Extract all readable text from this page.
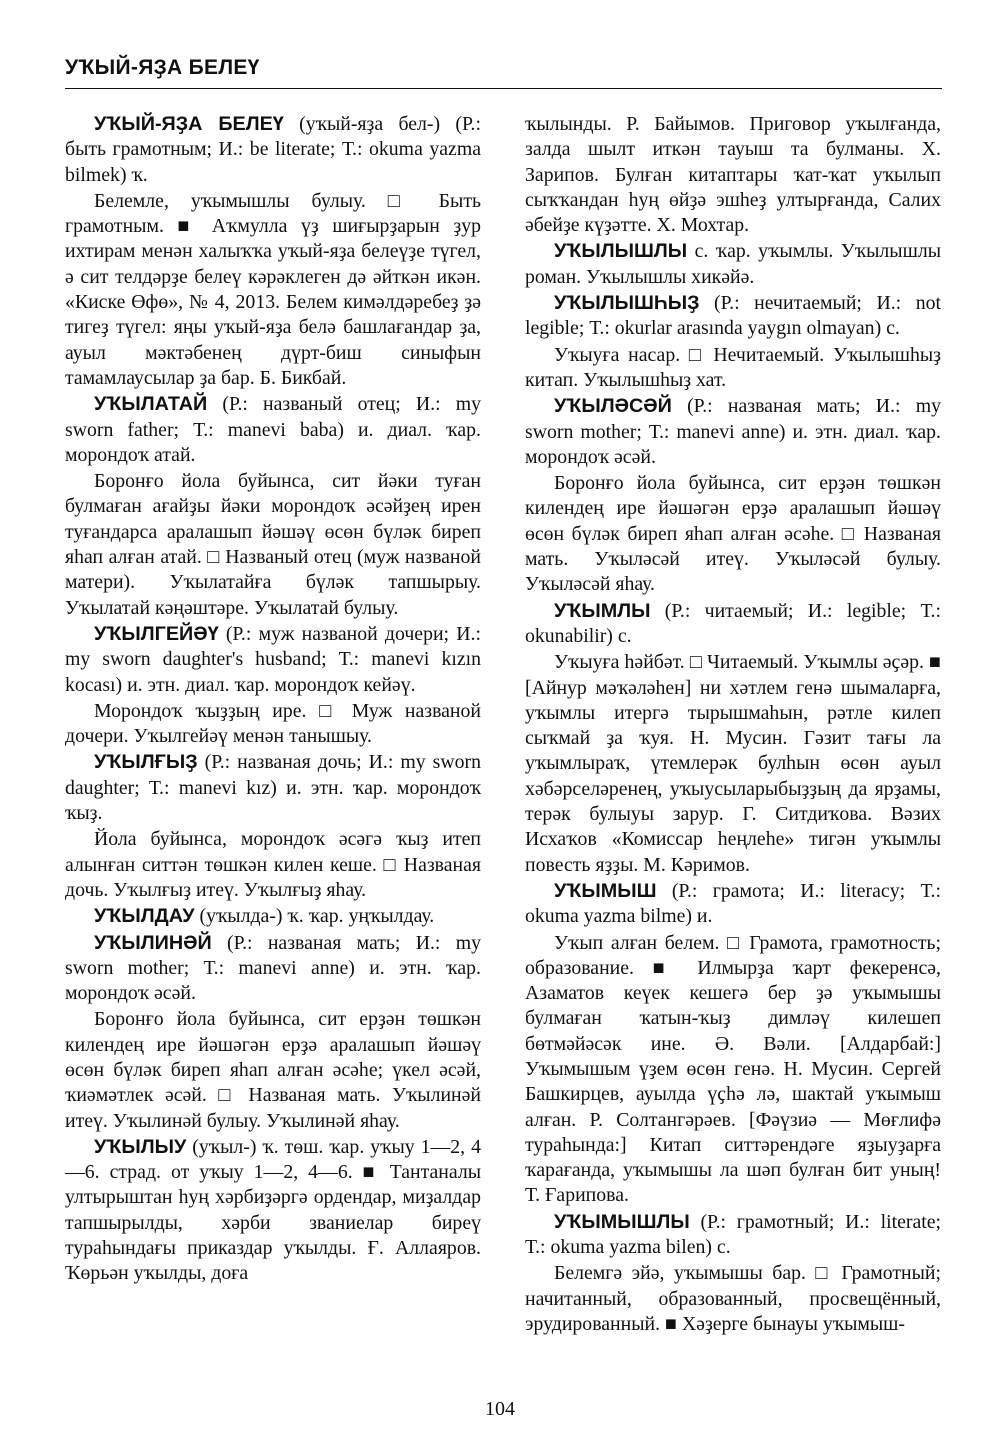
УҠЫЙ-ЯҘА БЕЛЕҮ

УҠЫЙ-ЯҘА БЕЛЕҮ (уҡый-яҙа бел-) (Р.: быть грамотным; И.: be literate; Т.: okuma yazma bilmek) ҡ.

Белемле, уҡымышлы булыу. □ Быть грамотным. ■ Аҡмулла үҙ шиғырҙарын ҙур ихтирам менән халыҡҡа уҡый-яҙа белеүҙе түгел, ә сит телдәрҙе белеү кәрәклеген дә әйткән икән. «Киске Өфө», № 4, 2013. Белем кимәлдәребеҙ ҙә тигеҙ түгел: яңы уҡый-яҙа белә башлағандар ҙа, ауыл мәктәбенең дүрт-биш синыфын тамамлаусылар ҙа бар. Б. Бикбай.

УҠЫЛАТАЙ (Р.: названый отец; И.: my sworn father; Т.: manevi baba) и. диал. ҡар. морондоҡ атай.

Боронғо йола буйынса, сит йәки туған булмаған ағайҙы йәки морондоҡ әсәйҙең ирен туғандарса аралашып йәшәү өсөн бүләк биреп яһап алған атай. □ Названый отец (муж названой матери). Уҡылатайға бүләк тапшырыу. Уҡылатай кәңәштәре. Уҡылатай булыу.

УҠЫЛГЕЙӘҮ (Р.: муж названой дочери; И.: my sworn daughter's husband; Т.: manevi kızın kocası) и. этн. диал. ҡар. морондоҡ кейәү.

Морондоҡ ҡыҙҙың ире. □ Муж названой дочери. Уҡылгейәү менән танышыу.

УҠЫЛҒЫҘ (Р.: названая дочь; И.: my sworn daughter; Т.: manevi kız) и. этн. ҡар. морондоҡ ҡыҙ.

Йола буйынса, морондоҡ әсәгә ҡыҙ итеп алынған ситтән төшкән килен кеше. □ Названая дочь. Уҡылғыҙ итеү. Уҡылғыҙ яһау.

УҠЫЛДАУ (уҡылда-) ҡ. ҡар. уңҡылдау.

УҠЫЛИНӘЙ (Р.: названая мать; И.: my sworn mother; Т.: manevi anne) и. этн. ҡар. морондоҡ әсәй.

Боронғо йола буйынса, сит ерҙән төшкән килендең ире йәшәгән ерҙә аралашып йәшәү өсөн бүләк биреп яһап алған әсәһе; үкел әсәй, ҡиәмәтлек әсәй. □ Названая мать. Уҡылинәй итеү. Уҡылинәй булыу. Уҡылинәй яһау.

УҠЫЛЫУ (уҡыл-) ҡ. төш. ҡар. уҡыу 1—2, 4—6. страд. от уҡыу 1—2, 4—6. ■ Тантаналы ултырыштан һуң хәрбиҙәргә ордендар, миҙалдар тапшырылды, хәрби званиелар биреү тураһындағы приказдар уҡылды. Ғ. Аллаяров. Ҡөрьән уҡылды, доға

ҡылынды. Р. Байымов. Приговор уҡылғанда, залда шылт иткән тауыш та булманы. Х. Зарипов. Булған китаптары ҡат-ҡат уҡылып сыҡҡандан һуң өйҙә эшһеҙ ултырғанда, Салих әбейҙе күҙәтте. Х. Мохтар.

УҠЫЛЫШЛЫ с. ҡар. уҡымлы. Уҡылышлы роман. Уҡылышлы хикәйә.

УҠЫЛЫШҺЫҘ (Р.: нечитаемый; И.: not legible; Т.: okurlar arasında yaygın olmayan) с.

Уҡыуға насар. □ Нечитаемый. Уҡылышһыҙ китап. Уҡылышһыҙ хат.

УҠЫЛӘСӘЙ (Р.: названая мать; И.: my sworn mother; Т.: manevi anne) и. этн. диал. ҡар. морондоҡ әсәй.

Боронғо йола буйынса, сит ерҙән төшкән килендең ире йәшәгән ерҙә аралашып йәшәү өсөн бүләк биреп яһап алған әсәһе. □ Названая мать. Уҡыләсәй итеү. Уҡыләсәй булыу. Уҡыләсәй яһау.

УҠЫМЛЫ (Р.: читаемый; И.: legible; Т.: okunabilir) с.

Уҡыуға һәйбәт. □ Читаемый. Уҡымлы әҫәр. ■ [Айнур мәҡәләһен] ни хәтлем генә шымаларға, уҡымлы итергә тырышмаһын, рәтле килеп сыҡмай ҙа ҡуя. Н. Мусин. Гәзит тағы ла уҡымлыраҡ, үтемлерәк булһын өсөн ауыл хәбәрселәренең, уҡыусыларыбыҙҙың да ярҙамы, терәк булыуы зарур. Г. Ситдиҡова. Вәзих Исхаҡов «Комиссар һеңлеһе» тигән уҡымлы повесть яҙҙы. М. Кәримов.

УҠЫМЫШ (Р.: грамота; И.: literacy; Т.: okuma yazma bilme) и.

Уҡып алған белем. □ Грамота, грамотность; образование. ■ Илмырҙа ҡарт фекеренсә, Азаматов кеүек кешегә бер ҙә уҡымышы булмаған ҡатын-ҡыҙ димләү килешеп бөтмәйәсәк ине. Ә. Вәли. [Алдарбай:] Уҡымышым үҙем өсөн генә. Н. Мусин. Сергей Башкирцев, ауылда үҫһә лә, шактай уҡымыш алған. Р. Солтангәрәев. [Фәүзиә — Мөғлифә тураһында:] Китап ситтәрендәге яҙыуҙарға ҡарағанда, уҡымышы ла шәп булған бит уның! Т. Ғарипова.

УҠЫМЫШЛЫ (Р.: грамотный; И.: literate; Т.: okuma yazma bilen) с.

Белемгә эйә, уҡымышы бар. □ Грамотный; начитанный, образованный, просвещённый, эрудированный. ■ Хәҙерге бынауы уҡымыш-

104
